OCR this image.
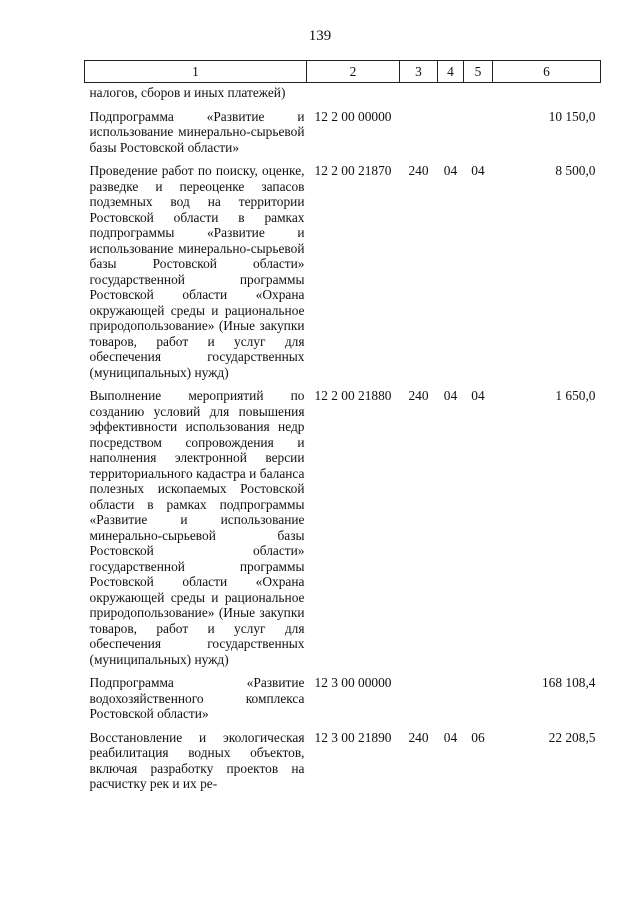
139
1	2	3	4	5	6
налогов, сборов и иных платежей)					
Подпрограмма «Развитие и использование минерально-сырьевой базы Ростовской области»	12 2 00 00000				10 150,0
Проведение работ по поиску, оценке, разведке и переоценке запасов подземных вод на территории Ростовской области в рамках подпрограммы «Развитие и использование минерально-сырьевой базы Ростовской области» государственной программы Ростовской области «Охрана окружающей среды и рациональное природопользование» (Иные закупки товаров, работ и услуг для обеспечения государственных (муниципальных) нужд)	12 2 00 21870	240	04	04	8 500,0
Выполнение мероприятий по созданию условий для повышения эффективности использования недр посредством сопровождения и наполнения электронной версии территориального кадастра и баланса полезных ископаемых Ростовской области в рамках подпрограммы «Развитие и использование минерально-сырьевой базы Ростовской области» государственной программы Ростовской области «Охрана окружающей среды и рациональное природопользование» (Иные закупки товаров, работ и услуг для обеспечения государственных (муниципальных) нужд)	12 2 00 21880	240	04	04	1 650,0
Подпрограмма «Развитие водохозяйственного комплекса Ростовской области»	12 3 00 00000				168 108,4
Восстановление и экологическая реабилитация водных объектов, включая разработку проектов на расчистку рек и их ре-	12 3 00 21890	240	04	06	22 208,5
